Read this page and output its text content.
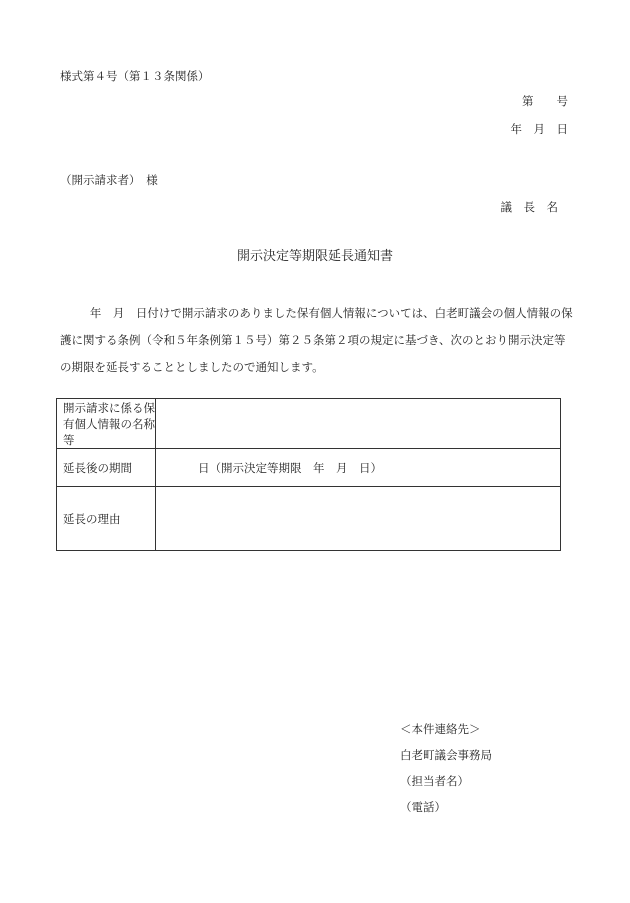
様式第４号（第１３条関係）
第　　号
年　月　日
（開示請求者）　様
議　長　名
開示決定等期限延長通知書
年　月　日付けで開示請求のありました保有個人情報については、白老町議会の個人情報の保護に関する条例（令和５年条例第１５号）第２５条第２項の規定に基づき、次のとおり開示決定等の期限を延長することとしましたので通知します。
開示請求に係る保有個人情報の名称等	
延長後の期間	日（開示決定等期限　年　月　日）
延長の理由	
＜本件連絡先＞
白老町議会事務局
（担当者名）
（電話）
